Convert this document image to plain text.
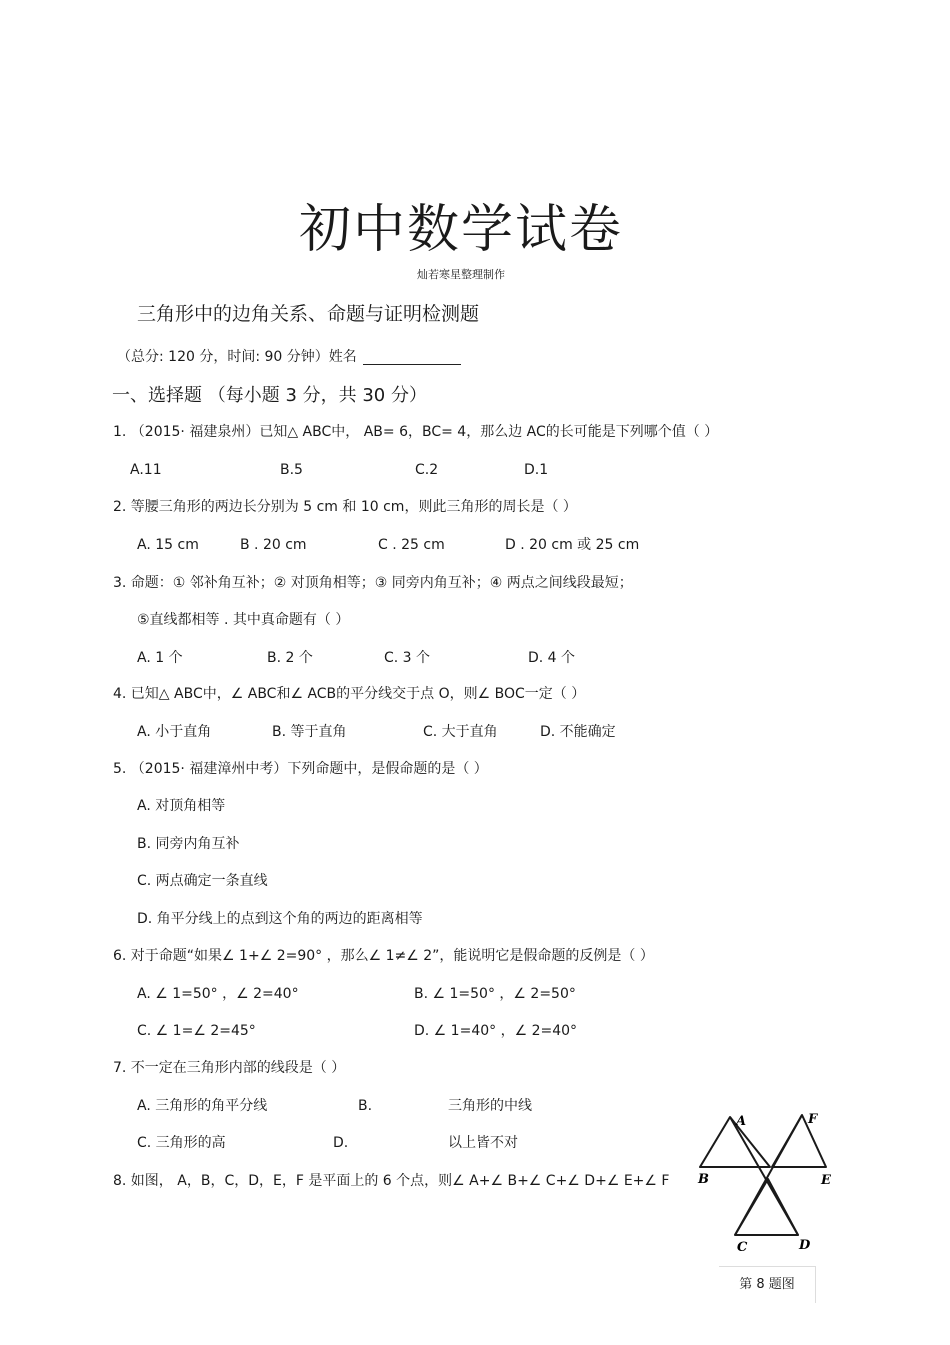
初中数学试卷
灿若寒星整理制作
三角形中的边角关系、命题与证明检测题
（总分: 120 分，时间: 90 分钟）姓名
一、选择题 （每小题 3 分，共 30 分）
1. （2015· 福建泉州）已知△ ABC中， AB= 6，BC= 4，那么边 AC的长可能是下列哪个值（ ）
A.11	B.5	C.2	D.1
2. 等腰三角形的两边长分别为 5 cm 和 10 cm，则此三角形的周长是（ ）
A. 15 cm	B . 20 cm	C . 25 cm	D . 20 cm 或 25 cm
3. 命题：① 邻补角互补；② 对顶角相等；③ 同旁内角互补；④ 两点之间线段最短；
⑤直线都相等 . 其中真命题有（ ）
A. 1 个	B. 2 个	C. 3 个	D. 4 个
4. 已知△ ABC中，∠ ABC和∠ ACB的平分线交于点 O，则∠ BOC一定（ ）
A. 小于直角	B. 等于直角	C. 大于直角	D. 不能确定
5. （2015· 福建漳州中考）下列命题中，是假命题的是（ ）
A. 对顶角相等
B. 同旁内角互补
C. 两点确定一条直线
D. 角平分线上的点到这个角的两边的距离相等
6. 对于命题“如果∠ 1+∠ 2=90° ，那么∠ 1≠∠ 2”，能说明它是假命题的反例是（ ）
A. ∠ 1=50° ，∠ 2=40°	B. ∠ 1=50° ，∠ 2=50°
C. ∠ 1=∠ 2=45°	D. ∠ 1=40° ，∠ 2=40°
7. 不一定在三角形内部的线段是（ ）
A. 三角形的角平分线	B.	三角形的中线
C. 三角形的高	D.	以上皆不对
8. 如图， A，B，C，D，E，F 是平面上的 6 个点，则∠ A+∠ B+∠ C+∠ D+∠ E+∠ F
A	F
B	E
C	D
第 8 题图
